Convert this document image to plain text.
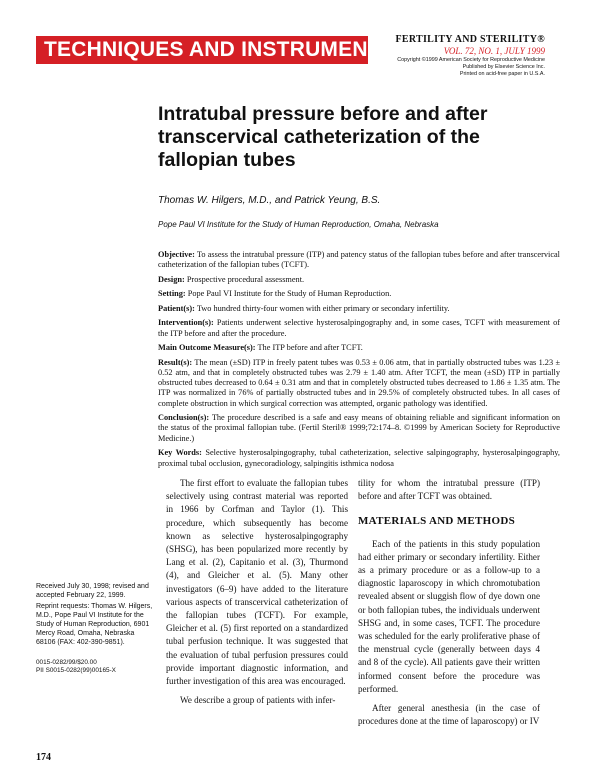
TECHNIQUES AND INSTRUMENTATION
FERTILITY AND STERILITY®
VOL. 72, NO. 1, JULY 1999
Copyright ©1999 American Society for Reproductive Medicine
Published by Elsevier Science Inc.
Printed on acid-free paper in U.S.A.
Intratubal pressure before and after
transcervical catheterization of the
fallopian tubes
Thomas W. Hilgers, M.D., and Patrick Yeung, B.S.
Pope Paul VI Institute for the Study of Human Reproduction, Omaha, Nebraska

Objective: To assess the intratubal pressure (ITP) and patency status of the fallopian tubes before and after transcervical catheterization of the fallopian tubes (TCFT).

Design: Prospective procedural assessment.

Setting: Pope Paul VI Institute for the Study of Human Reproduction.

Patient(s): Two hundred thirty-four women with either primary or secondary infertility.

Intervention(s): Patients underwent selective hysterosalpingography and, in some cases, TCFT with measurement of the ITP before and after the procedure.

Main Outcome Measure(s): The ITP before and after TCFT.

Result(s): The mean (±SD) ITP in freely patent tubes was 0.53 ± 0.06 atm, that in partially obstructed tubes was 1.23 ± 0.52 atm, and that in completely obstructed tubes was 2.79 ± 1.40 atm. After TCFT, the mean (±SD) ITP in partially obstructed tubes decreased to 0.64 ± 0.31 atm and that in completely obstructed tubes decreased to 1.86 ± 1.35 atm. The ITP was normalized in 76% of partially obstructed tubes and in 29.5% of completely obstructed tubes. In all cases of complete obstruction in which surgical correction was attempted, organic pathology was identified.

Conclusion(s): The procedure described is a safe and easy means of obtaining reliable and significant information on the status of the proximal fallopian tube. (Fertil Steril® 1999;72:174–8. ©1999 by American Society for Reproductive Medicine.)

Key Words: Selective hysterosalpingography, tubal catheterization, selective salpingography, hysterosalpingography, proximal tubal occlusion, gynecoradiology, salpingitis isthmica nodosa

Received July 30, 1998; revised and accepted February 22, 1999.

Reprint requests: Thomas W. Hilgers, M.D., Pope Paul VI Institute for the Study of Human Reproduction, 6901 Mercy Road, Omaha, Nebraska 68106 (FAX: 402-390-9851).

0015-0282/99/$20.00
PII S0015-0282(99)00165-X

The first effort to evaluate the fallopian tubes selectively using contrast material was reported in 1966 by Corfman and Taylor (1). This procedure, which subsequently has become known as selective hysterosalpingography (SHSG), has been popularized more recently by Lang et al. (2), Capitanio et al. (3), Thurmond (4), and Gleicher et al. (5). Many other investigators (6–9) have added to the literature various aspects of transcervical catheterization of the fallopian tubes (TCFT). For example, Gleicher et al. (5) first reported on a standardized tubal perfusion technique. It was suggested that the evaluation of tubal perfusion pressures could provide important diagnostic information, and further investigation of this area was encouraged.

We describe a group of patients with infer-

tility for whom the intratubal pressure (ITP) before and after TCFT was obtained.

MATERIALS AND METHODS

Each of the patients in this study population had either primary or secondary infertility. Either as a primary procedure or as a follow-up to a diagnostic laparoscopy in which chromotubation revealed absent or sluggish flow of dye down one or both fallopian tubes, the individuals underwent SHSG and, in some cases, TCFT. The procedure was scheduled for the early proliferative phase of the menstrual cycle (generally between days 4 and 8 of the cycle). All patients gave their written informed consent before the procedure was performed.

After general anesthesia (in the case of procedures done at the time of laparoscopy) or IV

174
